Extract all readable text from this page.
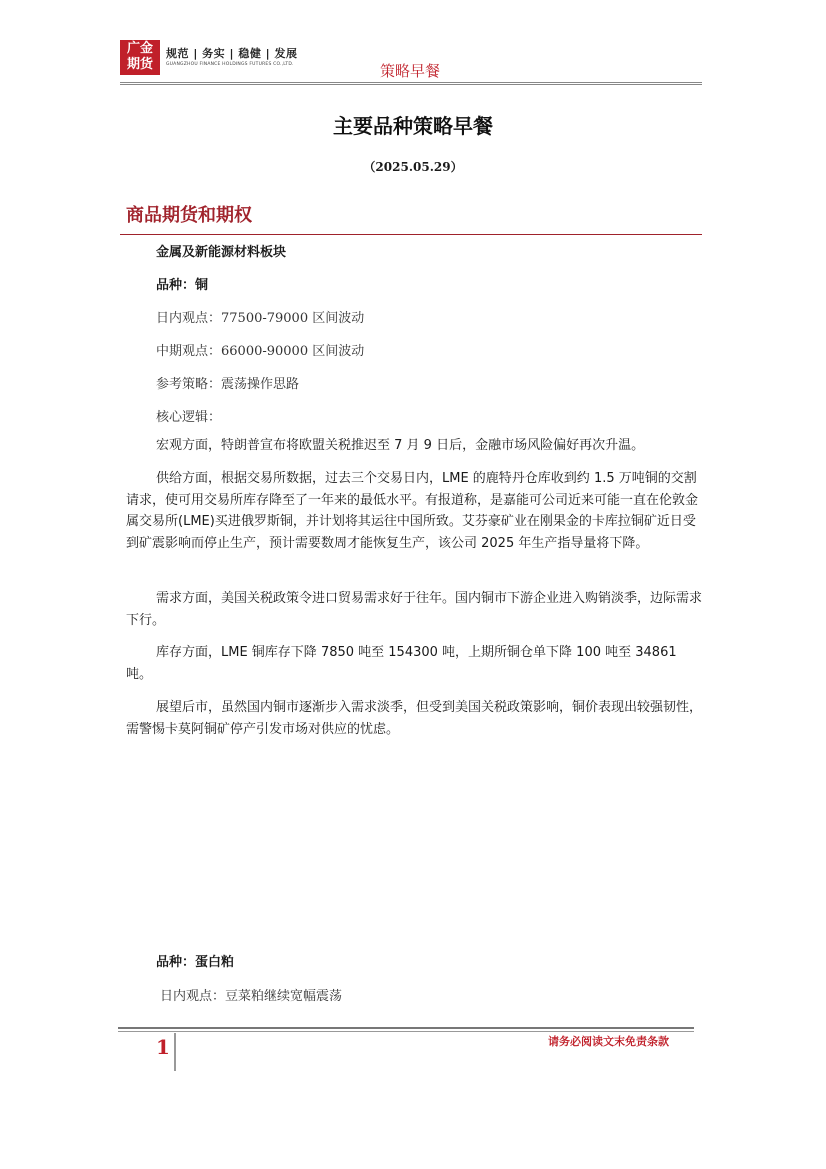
广金
期货
规范 | 务实 | 稳健 | 发展
GUANGZHOU FINANCE HOLDINGS FUTURES CO.,LTD.	策略早餐
主要品种策略早餐
（2025.05.29）
商品期货和期权
金属及新能源材料板块
品种：铜
日内观点：77500-79000 区间波动
中期观点：66000-90000 区间波动
参考策略：震荡操作思路
核心逻辑：

宏观方面，特朗普宣布将欧盟关税推迟至 7 月 9 日后，金融市场风险偏好再次升温。

供给方面，根据交易所数据，过去三个交易日内，LME 的鹿特丹仓库收到约 1.5 万吨铜的交割请求，使可用交易所库存降至了一年来的最低水平。有报道称，是嘉能可公司近来可能一直在伦敦金属交易所(LME)买进俄罗斯铜，并计划将其运往中国所致。艾芬豪矿业在刚果金的卡库拉铜矿近日受到矿震影响而停止生产，预计需要数周才能恢复生产，该公司 2025 年生产指导量将下降。

需求方面，美国关税政策令进口贸易需求好于往年。国内铜市下游企业进入购销淡季，边际需求下行。

库存方面，LME 铜库存下降 7850 吨至 154300 吨，上期所铜仓单下降 100 吨至 34861 吨。

展望后市，虽然国内铜市逐渐步入需求淡季，但受到美国关税政策影响，铜价表现出较强韧性，需警惕卡莫阿铜矿停产引发市场对供应的忧虑。

品种：蛋白粕
日内观点：豆菜粕继续宽幅震荡
1	请务必阅读文末免责条款
